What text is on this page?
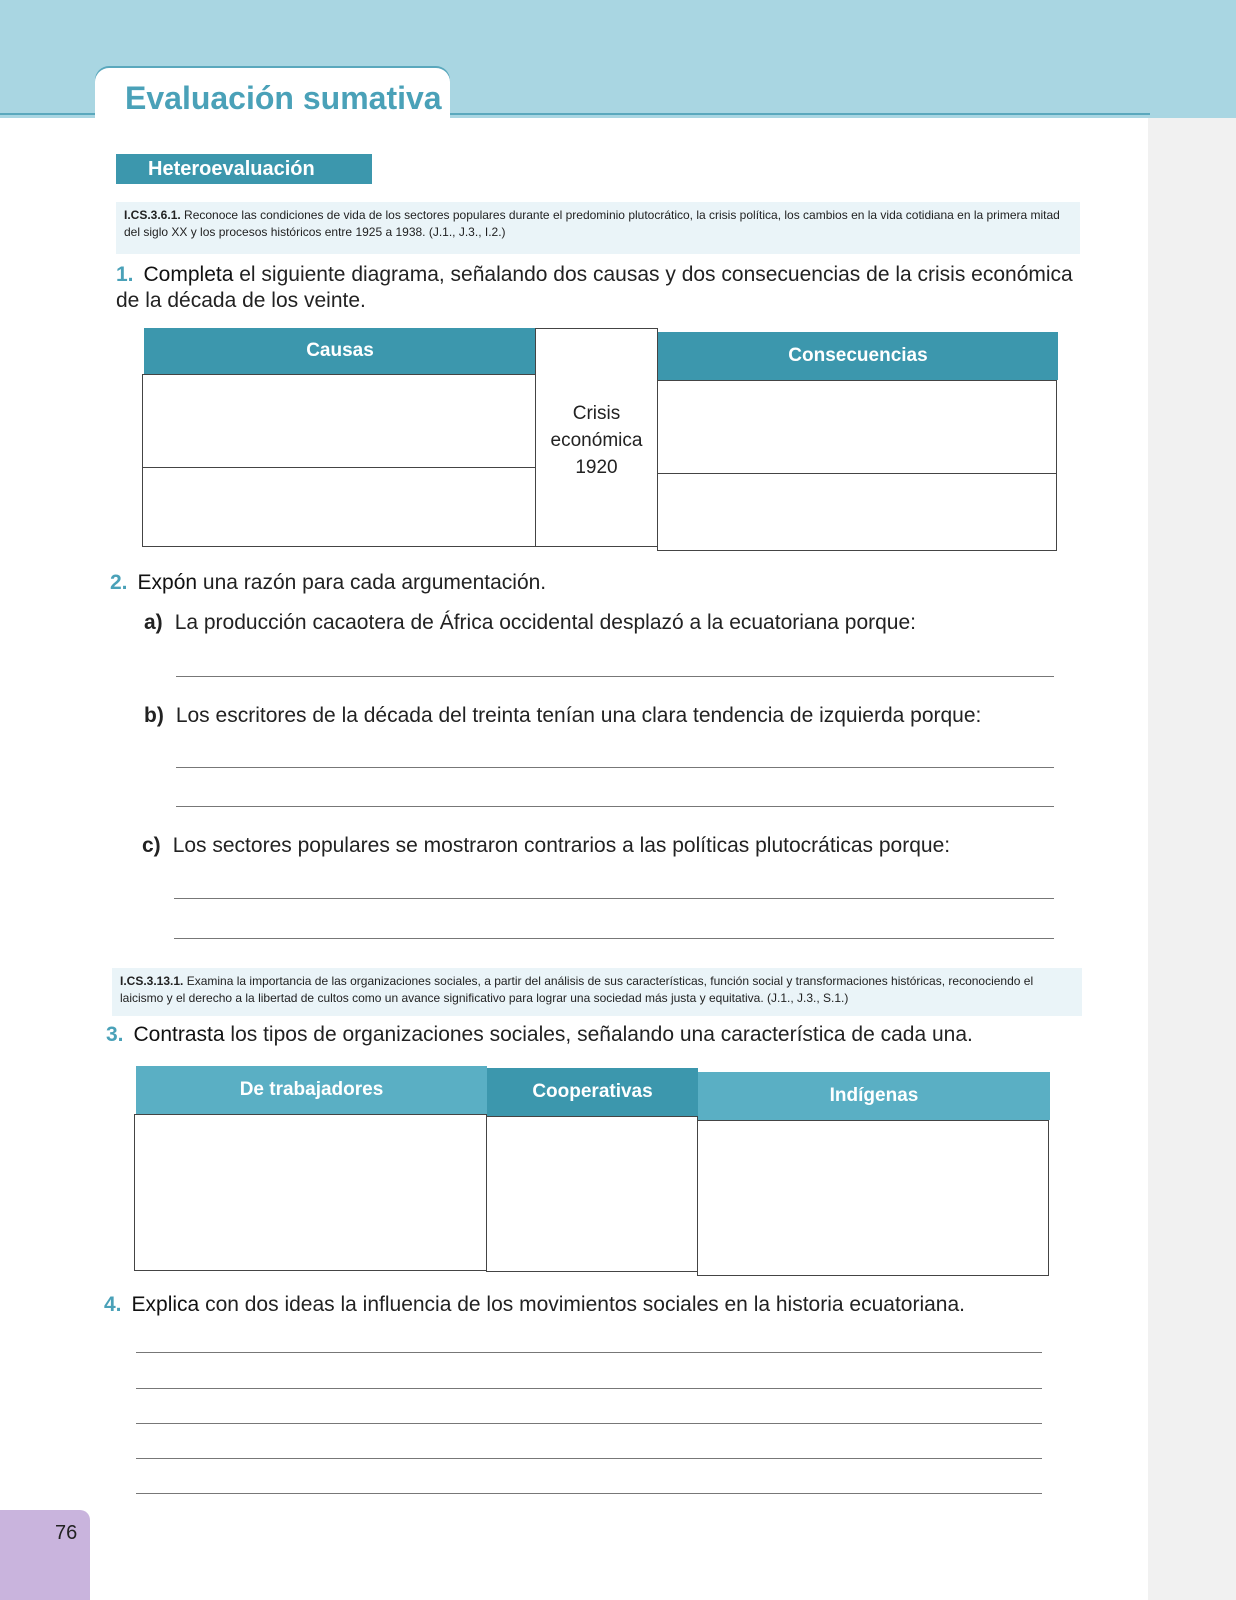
Evaluación sumativa
Heteroevaluación
I.CS.3.6.1. Reconoce las condiciones de vida de los sectores populares durante el predominio plutocrático, la crisis política, los cambios en la vida cotidiana en la primera mitad del siglo XX y los procesos históricos entre 1925 a 1938. (J.1., J.3., I.2.)
1. Completa el siguiente diagrama, señalando dos causas y dos consecuencias de la crisis económica de la década de los veinte.
Causas
Crisis
económica
1920
Consecuencias
2. Expón una razón para cada argumentación.
a) La producción cacaotera de África occidental desplazó a la ecuatoriana porque:
b) Los escritores de la década del treinta tenían una clara tendencia de izquierda porque:
c) Los sectores populares se mostraron contrarios a las políticas plutocráticas porque:
I.CS.3.13.1. Examina la importancia de las organizaciones sociales, a partir del análisis de sus características, función social y transformaciones históricas, reconociendo el laicismo y el derecho a la libertad de cultos como un avance significativo para lograr una sociedad más justa y equitativa. (J.1., J.3., S.1.)
3. Contrasta los tipos de organizaciones sociales, señalando una característica de cada una.
De trabajadores	Cooperativas	Indígenas
4. Explica con dos ideas la influencia de los movimientos sociales en la historia ecuatoriana.
76
